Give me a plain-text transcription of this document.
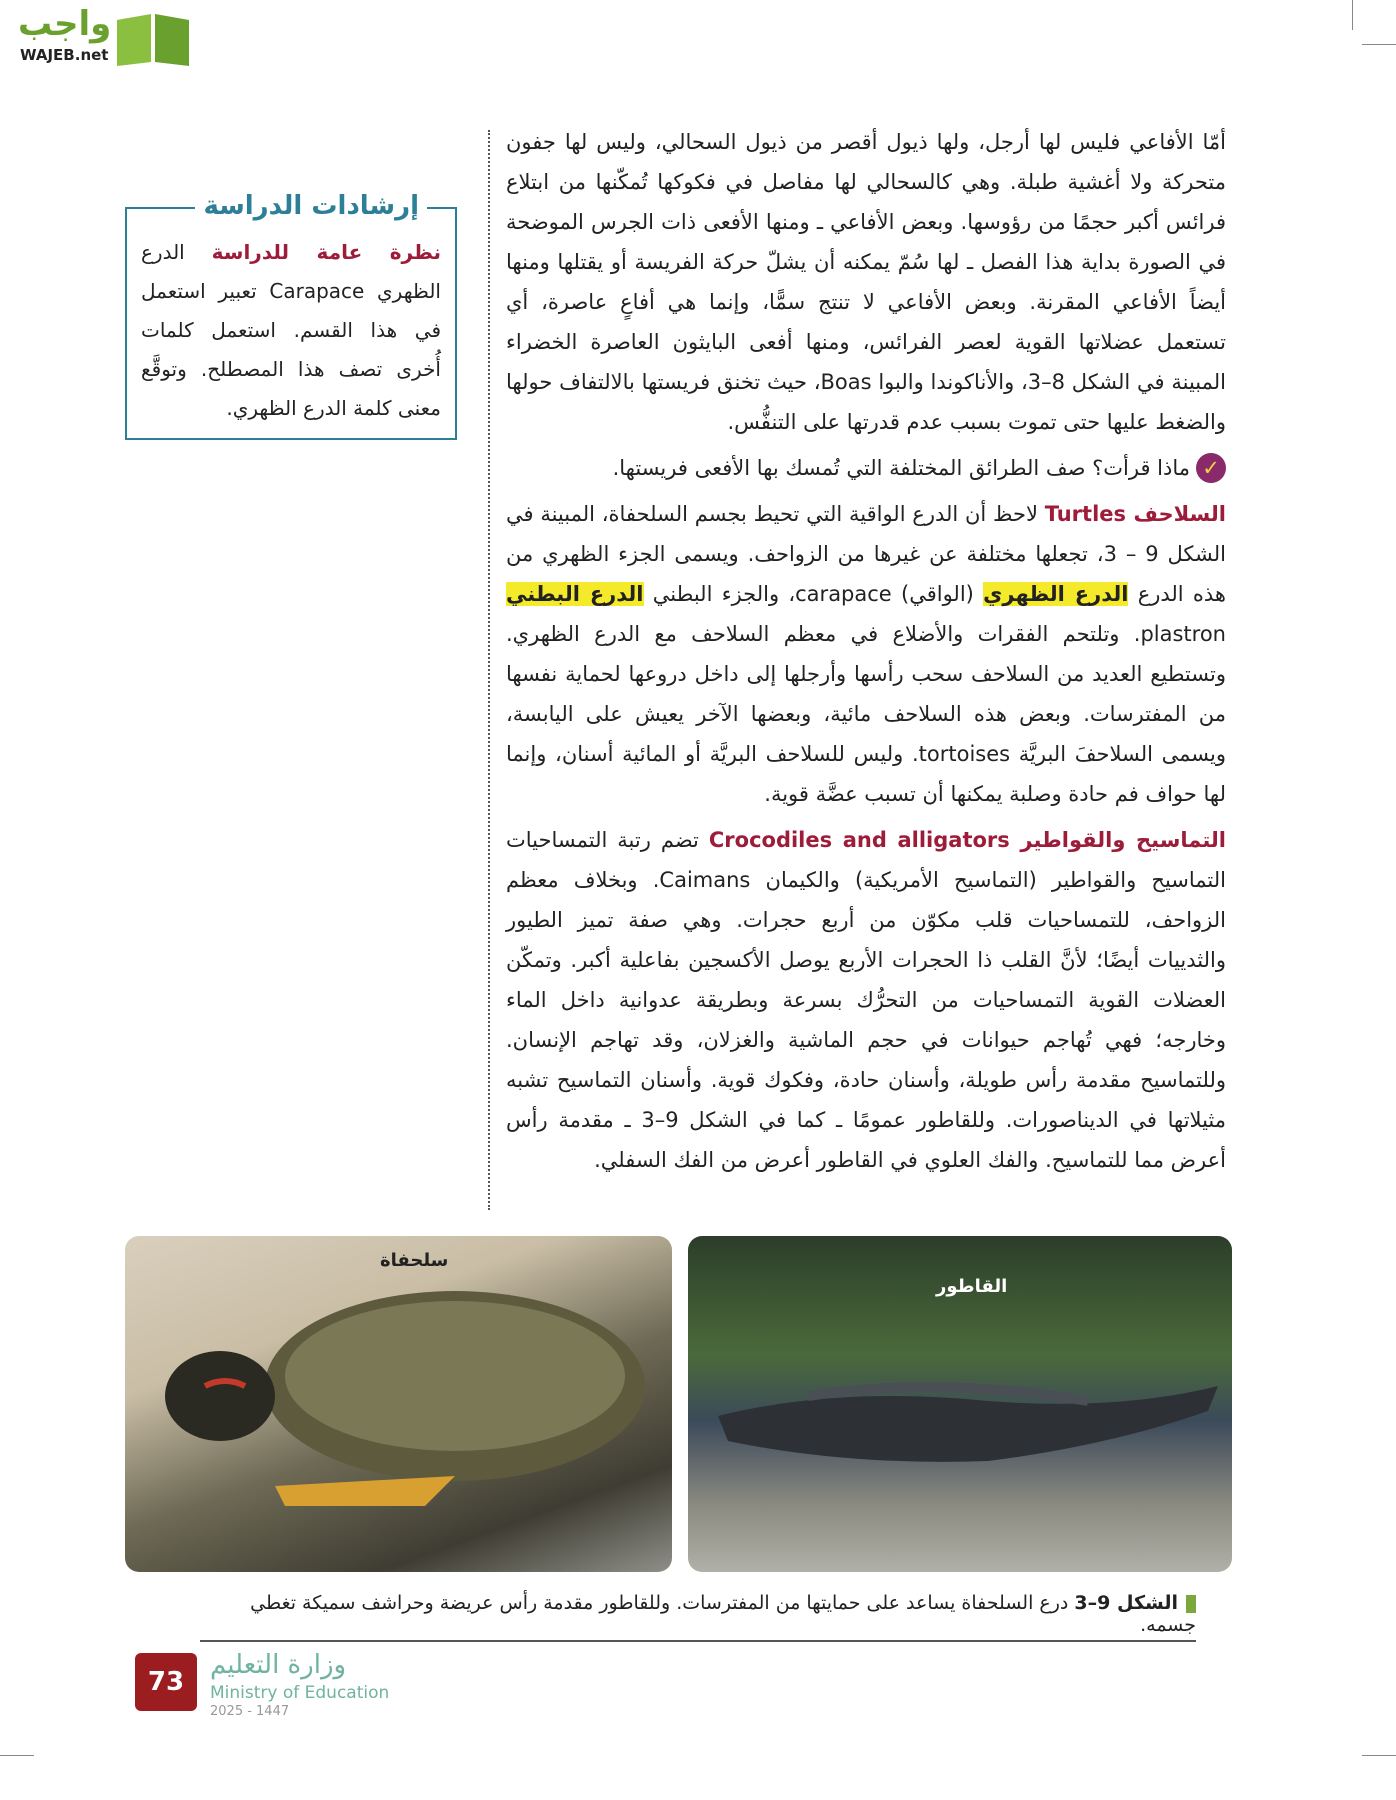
واجب
WAJEB.net
إرشادات الدراسة
نظرة عامة للدراسة الدرع الظهري Carapace تعبير استعمل في هذا القسم. استعمل كلمات أُخرى تصف هذا المصطلح. وتوقَّع معنى كلمة الدرع الظهري.

أمّا الأفاعي فليس لها أرجل، ولها ذيول أقصر من ذيول السحالي، وليس لها جفون متحركة ولا أغشية طبلة. وهي كالسحالي لها مفاصل في فكوكها تُمكّنها من ابتلاع فرائس أكبر حجمًا من رؤوسها. وبعض الأفاعي ـ ومنها الأفعى ذات الجرس الموضحة في الصورة بداية هذا الفصل ـ لها سُمّ يمكنه أن يشلّ حركة الفريسة أو يقتلها ومنها أيضاً الأفاعي المقرنة. وبعض الأفاعي لا تنتج سمًّا، وإنما هي أفاعٍ عاصرة، أي تستعمل عضلاتها القوية لعصر الفرائس، ومنها أفعى البايثون العاصرة الخضراء المبينة في الشكل 8–3، والأناكوندا والبوا Boas، حيث تخنق فريستها بالالتفاف حولها والضغط عليها حتى تموت بسبب عدم قدرتها على التنفُّس.

✓ماذا قرأت؟ صف الطرائق المختلفة التي تُمسك بها الأفعى فريستها.

السلاحف Turtles لاحظ أن الدرع الواقية التي تحيط بجسم السلحفاة، المبينة في الشكل 9 – 3، تجعلها مختلفة عن غيرها من الزواحف. ويسمى الجزء الظهري من هذه الدرع الدرع الظهري (الواقي) carapace، والجزء البطني الدرع البطني plastron. وتلتحم الفقرات والأضلاع في معظم السلاحف مع الدرع الظهري. وتستطيع العديد من السلاحف سحب رأسها وأرجلها إلى داخل دروعها لحماية نفسها من المفترسات. وبعض هذه السلاحف مائية، وبعضها الآخر يعيش على اليابسة، ويسمى السلاحفَ البريَّة tortoises. وليس للسلاحف البريَّة أو المائية أسنان، وإنما لها حواف فم حادة وصلبة يمكنها أن تسبب عضَّة قوية.

التماسيح والقواطير Crocodiles and alligators تضم رتبة التمساحيات التماسيح والقواطير (التماسيح الأمريكية) والكيمان Caimans. وبخلاف معظم الزواحف، للتمساحيات قلب مكوّن من أربع حجرات. وهي صفة تميز الطيور والثدييات أيضًا؛ لأنَّ القلب ذا الحجرات الأربع يوصل الأكسجين بفاعلية أكبر. وتمكّن العضلات القوية التمساحيات من التحرُّك بسرعة وبطريقة عدوانية داخل الماء وخارجه؛ فهي تُهاجم حيوانات في حجم الماشية والغزلان، وقد تهاجم الإنسان. وللتماسيح مقدمة رأس طويلة، وأسنان حادة، وفكوك قوية. وأسنان التماسيح تشبه مثيلاتها في الديناصورات. وللقاطور عمومًا ـ كما في الشكل 9–3 ـ مقدمة رأس أعرض مما للتماسيح. والفك العلوي في القاطور أعرض من الفك السفلي.

سلحفاة
القاطور
الشكل 9–3 درع السلحفاة يساعد على حمايتها من المفترسات. وللقاطور مقدمة رأس عريضة وحراشف سميكة تغطي جسمه.
وزارة التعليم
Ministry of Education
2025 - 1447
73
